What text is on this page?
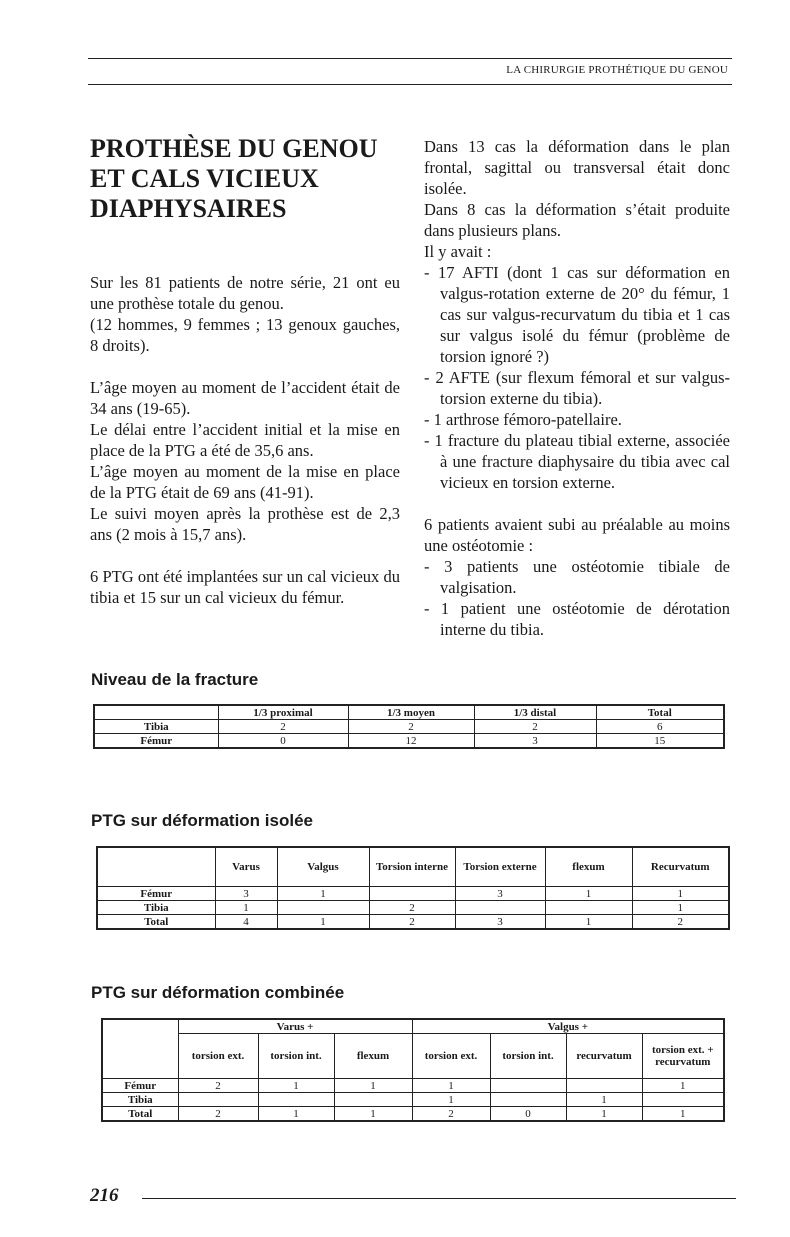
LA CHIRURGIE PROTHÉTIQUE DU GENOU
PROTHÈSE DU GENOU
ET CALS VICIEUX
DIAPHYSAIRES

Sur les 81 patients de notre série, 21 ont eu une prothèse totale du genou.

(12 hommes, 9 femmes ; 13 genoux gauches, 8 droits).

L’âge moyen au moment de l’accident était de 34 ans (19-65).

Le délai entre l’accident initial et la mise en place de la PTG a été de 35,6 ans.

L’âge moyen au moment de la mise en place de la PTG était de 69 ans (41-91).

Le suivi moyen après la prothèse est de 2,3 ans (2 mois à 15,7 ans).

6 PTG ont été implantées sur un cal vicieux du tibia et 15 sur un cal vicieux du fémur.

Dans 13 cas la déformation dans le plan frontal, sagittal ou transversal était donc isolée.

Dans 8 cas la déformation s’était produite dans plusieurs plans.

Il y avait :

- 17 AFTI (dont 1 cas sur déformation en valgus-rotation externe de 20° du fémur, 1 cas sur valgus-recurvatum du tibia et 1 cas sur valgus isolé du fémur (problème de torsion ignoré ?)

- 2 AFTE (sur flexum fémoral et sur valgus-torsion externe du tibia).

- 1 arthrose fémoro-patellaire.

- 1 fracture du plateau tibial externe, associée à une fracture diaphysaire du tibia avec cal vicieux en torsion externe.

6 patients avaient subi au préalable au moins une ostéotomie :

- 3 patients une ostéotomie tibiale de valgisation.

- 1 patient une ostéotomie de dérotation interne du tibia.

Niveau de la fracture
	1/3 proximal	1/3 moyen	1/3 distal	Total
Tibia	2	2	2	6
Fémur	0	12	3	15
PTG sur déformation isolée
	Varus	Valgus	Torsion interne	Torsion externe	flexum	Recurvatum
Fémur	3	1		3	1	1
Tibia	1		2			1
Total	4	1	2	3	1	2
PTG sur déformation combinée
	Varus +			Valgus +			
	torsion ext.	torsion int.	flexum	torsion ext.	torsion int.	recurvatum	torsion ext. + recurvatum
Fémur	2	1	1	1			1
Tibia				1		1	
Total	2	1	1	2	0	1	1
216
